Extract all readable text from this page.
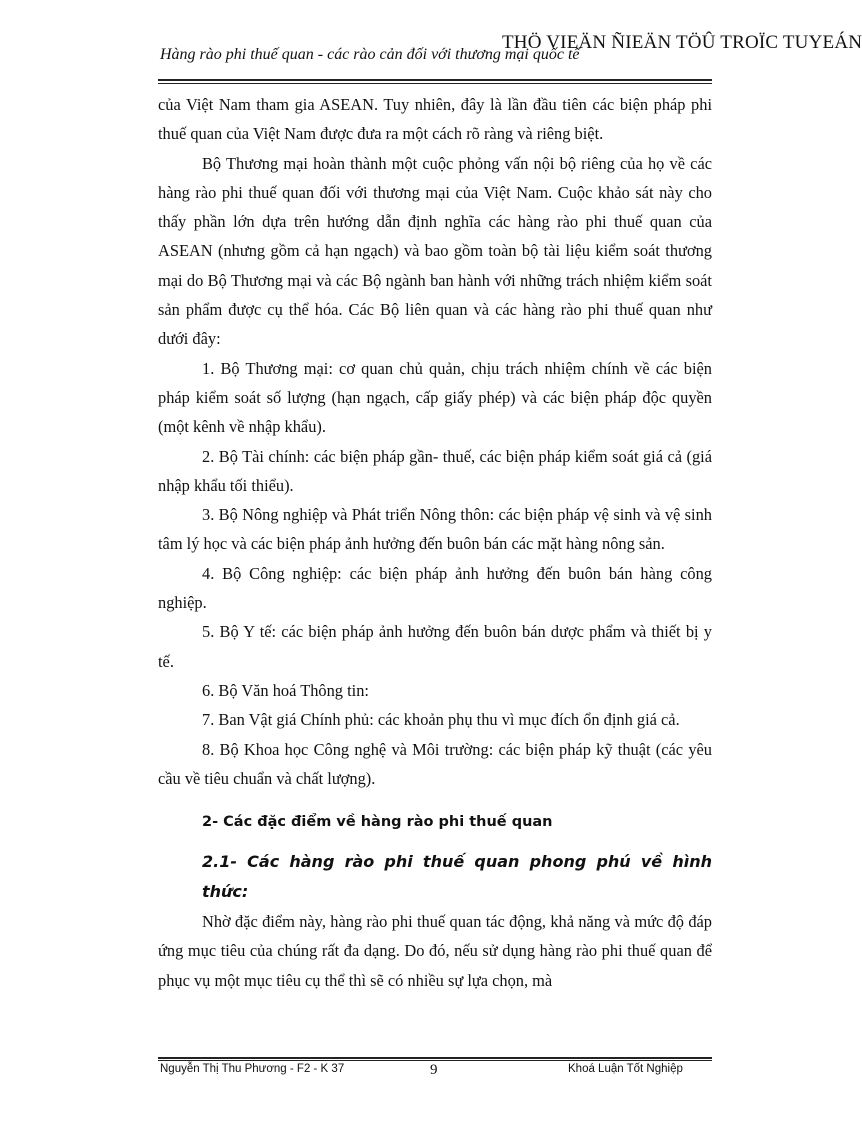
THÖ VIEÄN ÑIEÄN TÖÛ TROÏC TUYEÁN
Hàng rào phi thuế quan - các rào cản đối với thương mại quốc tế

của Việt Nam tham gia ASEAN. Tuy nhiên, đây là lần đầu tiên các biện pháp phi thuế quan của Việt Nam được đưa ra một cách rõ ràng và riêng biệt.

Bộ Thương mại hoàn thành một cuộc phỏng vấn nội bộ riêng của họ về các hàng rào phi thuế quan đối với thương mại của Việt Nam. Cuộc khảo sát này cho thấy phần lớn dựa trên hướng dẫn định nghĩa các hàng rào phi thuế quan của ASEAN (nhưng gồm cả hạn ngạch) và bao gồm toàn bộ tài liệu kiểm soát thương mại do Bộ Thương mại và các Bộ ngành ban hành với những trách nhiệm kiểm soát sản phẩm được cụ thể hóa. Các Bộ liên quan và các hàng rào phi thuế quan như dưới đây:

1. Bộ Thương mại: cơ quan chủ quản, chịu trách nhiệm chính về các biện pháp kiểm soát số lượng (hạn ngạch, cấp giấy phép) và các biện pháp độc quyền (một kênh về nhập khẩu).

2. Bộ Tài chính: các biện pháp gần- thuế, các biện pháp kiểm soát giá cả (giá nhập khẩu tối thiểu).

3. Bộ Nông nghiệp và Phát triển Nông thôn: các biện pháp vệ sinh và vệ sinh tâm lý học và các biện pháp ảnh hưởng đến buôn bán các mặt hàng nông sản.

4. Bộ Công nghiệp: các biện pháp ảnh hưởng đến buôn bán hàng công nghiệp.

5. Bộ Y tế: các biện pháp ảnh hưởng đến buôn bán dược phẩm và thiết bị y tế.

6. Bộ Văn hoá Thông tin:

7. Ban Vật giá Chính phủ: các khoản phụ thu vì mục đích ổn định giá cả.

8. Bộ Khoa học Công nghệ và Môi trường: các biện pháp kỹ thuật (các yêu cầu về tiêu chuẩn và chất lượng).

2- Các đặc điểm về hàng rào phi thuế quan

2.1- Các hàng rào phi thuế quan phong phú về hình thức:

Nhờ đặc điểm này, hàng rào phi thuế quan tác động, khả năng và mức độ đáp ứng mục tiêu của chúng rất đa dạng. Do đó, nếu sử dụng hàng rào phi thuế quan để phục vụ một mục tiêu cụ thể thì sẽ có nhiều sự lựa chọn, mà

Nguyễn Thị Thu Phương - F2 - K 37	9	Khoá Luận Tốt Nghiệp
